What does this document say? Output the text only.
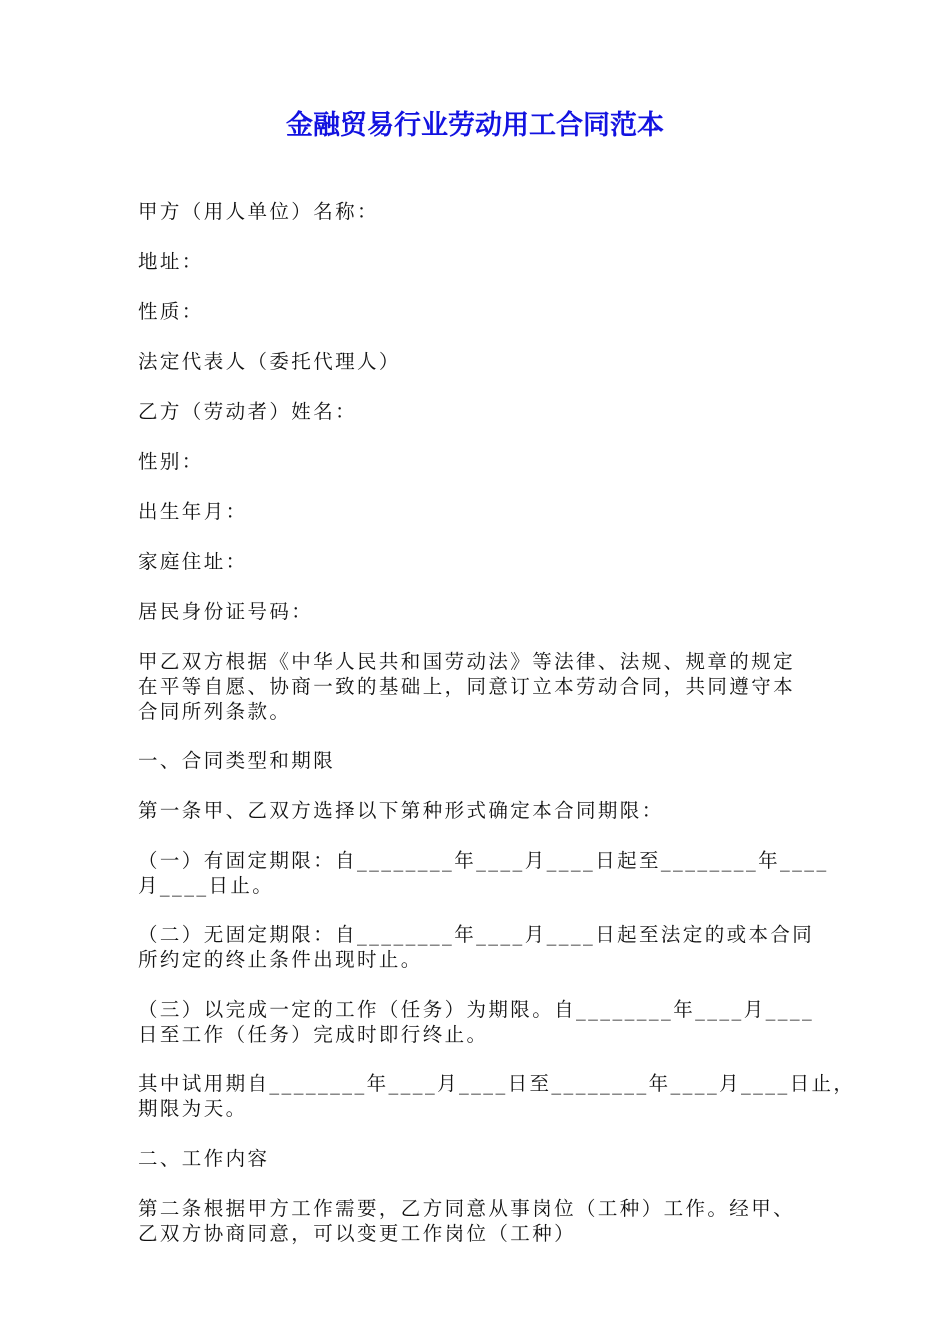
金融贸易行业劳动用工合同范本
甲方（用人单位）名称：
地址：
性质：
法定代表人（委托代理人）
乙方（劳动者）姓名：
性别：
出生年月：
家庭住址：
居民身份证号码：
甲乙双方根据《中华人民共和国劳动法》等法律、法规、规章的规定
在平等自愿、协商一致的基础上，同意订立本劳动合同，共同遵守本
合同所列条款。
一、合同类型和期限
第一条甲、乙双方选择以下第种形式确定本合同期限：
（一）有固定期限：自________年____月____日起至________年____
月____日止。
（二）无固定期限：自________年____月____日起至法定的或本合同
所约定的终止条件出现时止。
（三）以完成一定的工作（任务）为期限。自________年____月____
日至工作（任务）完成时即行终止。
其中试用期自________年____月____日至________年____月____日止，
期限为天。
二、工作内容
第二条根据甲方工作需要，乙方同意从事岗位（工种）工作。经甲、
乙双方协商同意，可以变更工作岗位（工种）
